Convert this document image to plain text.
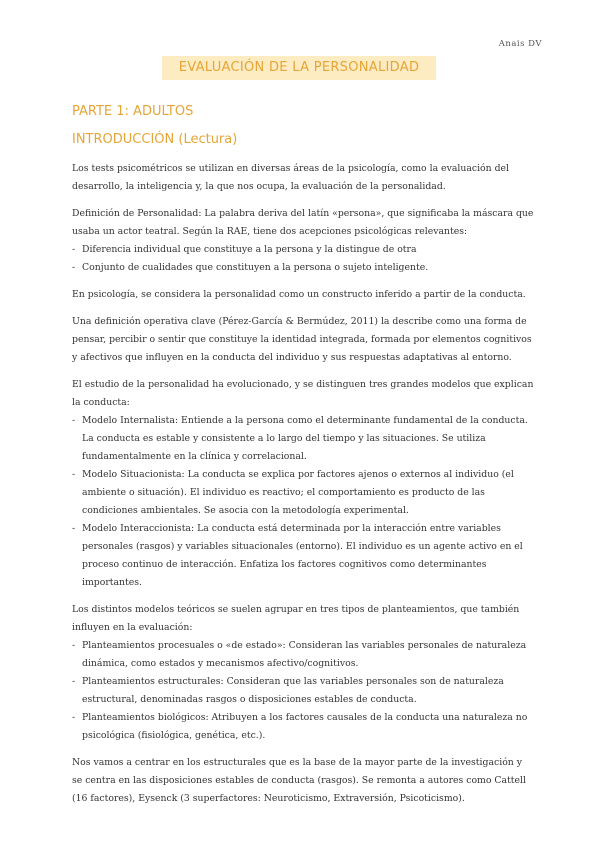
Anais DV
EVALUACIÓN DE LA PERSONALIDAD
PARTE 1: ADULTOS
INTRODUCCIÓN (Lectura)

Los tests psicométricos se utilizan en diversas áreas de la psicología, como la evaluación del desarrollo, la inteligencia y, la que nos ocupa, la evaluación de la personalidad.

Definición de Personalidad: La palabra deriva del latín «persona», que significaba la máscara que usaba un actor teatral. Según la RAE, tiene dos acepciones psicológicas relevantes:

- Diferencia individual que constituye a la persona y la distingue de otra
- Conjunto de cualidades que constituyen a la persona o sujeto inteligente.

En psicología, se considera la personalidad como un constructo inferido a partir de la conducta.

Una definición operativa clave (Pérez-García & Bermúdez, 2011) la describe como una forma de pensar, percibir o sentir que constituye la identidad integrada, formada por elementos cognitivos y afectivos que influyen en la conducta del individuo y sus respuestas adaptativas al entorno.

El estudio de la personalidad ha evolucionado, y se distinguen tres grandes modelos que explican la conducta:

- Modelo Internalista: Entiende a la persona como el determinante fundamental de la conducta. La conducta es estable y consistente a lo largo del tiempo y las situaciones. Se utiliza fundamentalmente en la clínica y correlacional.
- Modelo Situacionista: La conducta se explica por factores ajenos o externos al individuo (el ambiente o situación). El individuo es reactivo; el comportamiento es producto de las condiciones ambientales. Se asocia con la metodología experimental.
- Modelo Interaccionista: La conducta está determinada por la interacción entre variables personales (rasgos) y variables situacionales (entorno). El individuo es un agente activo en el proceso continuo de interacción. Enfatiza los factores cognitivos como determinantes importantes.

Los distintos modelos teóricos se suelen agrupar en tres tipos de planteamientos, que también influyen en la evaluación:

- Planteamientos procesuales o «de estado»: Consideran las variables personales de naturaleza dinámica, como estados y mecanismos afectivo/cognitivos.
- Planteamientos estructurales: Consideran que las variables personales son de naturaleza estructural, denominadas rasgos o disposiciones estables de conducta.
- Planteamientos biológicos: Atribuyen a los factores causales de la conducta una naturaleza no psicológica (fisiológica, genética, etc.).

Nos vamos a centrar en los estructurales que es la base de la mayor parte de la investigación y se centra en las disposiciones estables de conducta (rasgos). Se remonta a autores como Cattell (16 factores), Eysenck (3 superfactores: Neuroticismo, Extraversión, Psicoticismo).
